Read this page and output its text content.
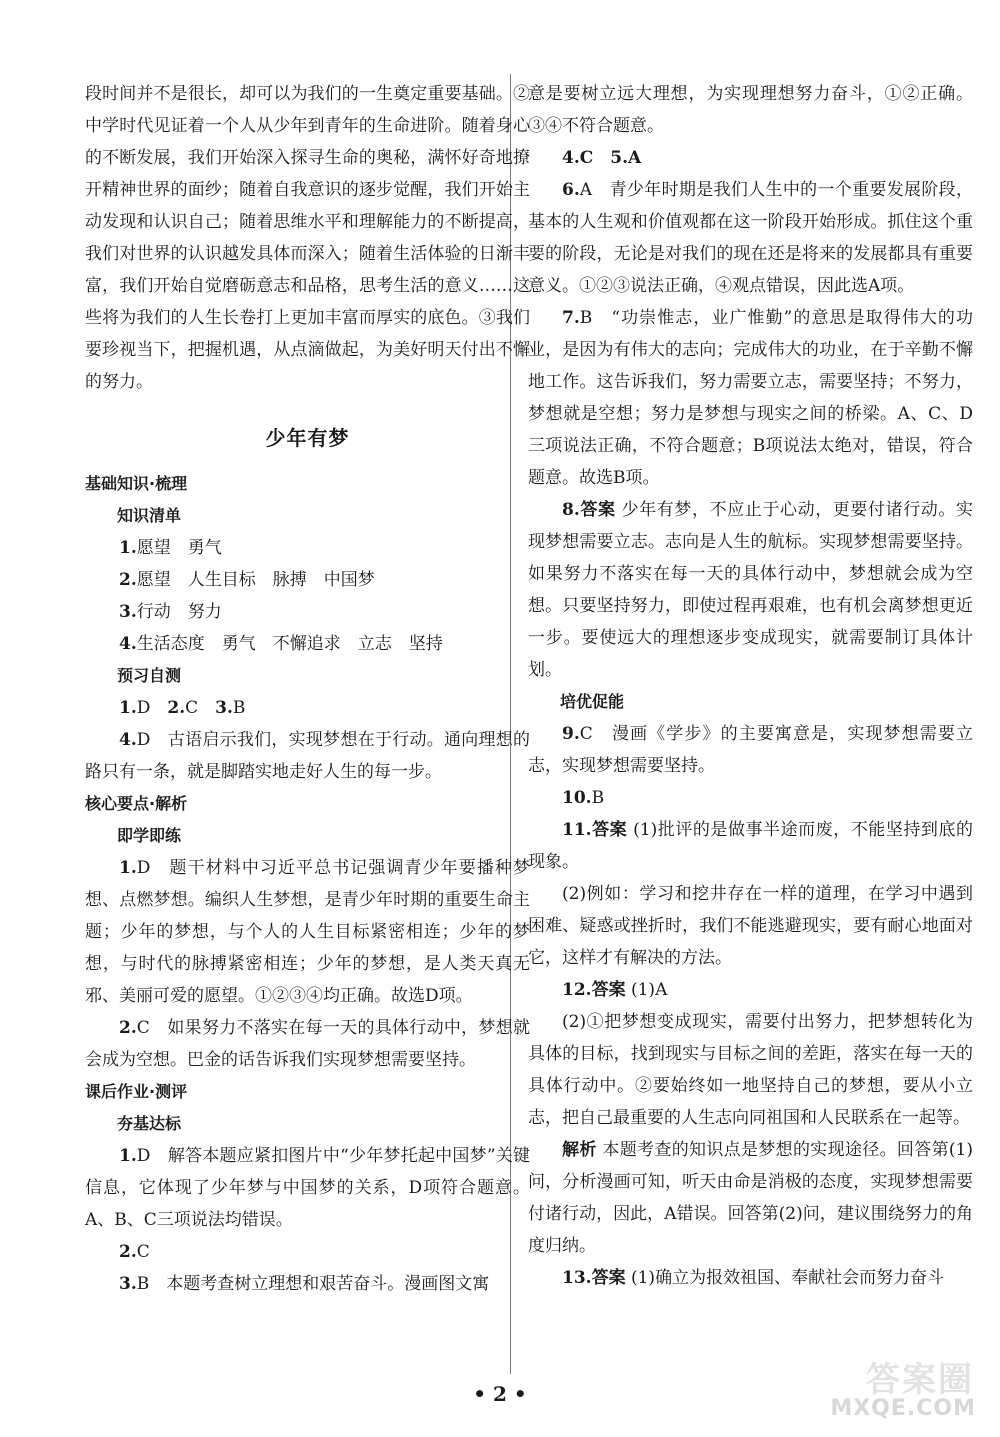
段时间并不是很长，却可以为我们的一生奠定重要基础。②中学时代见证着一个人从少年到青年的生命进阶。随着身心的不断发展，我们开始深入探寻生命的奥秘，满怀好奇地撩开精神世界的面纱；随着自我意识的逐步觉醒，我们开始主动发现和认识自己；随着思维水平和理解能力的不断提高，我们对世界的认识越发具体而深入；随着生活体验的日渐丰富，我们开始自觉磨砺意志和品格，思考生活的意义……这些将为我们的人生长卷打上更加丰富而厚实的底色。③我们要珍视当下，把握机遇，从点滴做起，为美好明天付出不懈的努力。

少年有梦

基础知识·梳理

知识清单

1.愿望　勇气

2.愿望　人生目标　脉搏　中国梦

3.行动　努力

4.生活态度　勇气　不懈追求　立志　坚持

预习自测

1.D　2.C　3.B

4.D　古语启示我们，实现梦想在于行动。通向理想的路只有一条，就是脚踏实地走好人生的每一步。

核心要点·解析

即学即练

1.D　题干材料中习近平总书记强调青少年要播种梦想、点燃梦想。编织人生梦想，是青少年时期的重要生命主题；少年的梦想，与个人的人生目标紧密相连；少年的梦想，与时代的脉搏紧密相连；少年的梦想，是人类天真无邪、美丽可爱的愿望。①②③④均正确。故选D项。

2.C　如果努力不落实在每一天的具体行动中，梦想就会成为空想。巴金的话告诉我们实现梦想需要坚持。

课后作业·测评

夯基达标

1.D　解答本题应紧扣图片中“少年梦托起中国梦”关键信息，它体现了少年梦与中国梦的关系，D项符合题意。A、B、C三项说法均错误。

2.C

3.B　本题考查树立理想和艰苦奋斗。漫画图文寓

意是要树立远大理想，为实现理想努力奋斗，①②正确。③④不符合题意。

4.C　5.A

6.A　青少年时期是我们人生中的一个重要发展阶段，基本的人生观和价值观都在这一阶段开始形成。抓住这个重要的阶段，无论是对我们的现在还是将来的发展都具有重要意义。①②③说法正确，④观点错误，因此选A项。

7.B　“功崇惟志，业广惟勤”的意思是取得伟大的功业，是因为有伟大的志向；完成伟大的功业，在于辛勤不懈地工作。这告诉我们，努力需要立志，需要坚持；不努力，梦想就是空想；努力是梦想与现实之间的桥梁。A、C、D三项说法正确，不符合题意；B项说法太绝对，错误，符合题意。故选B项。

8.答案 少年有梦，不应止于心动，更要付诸行动。实现梦想需要立志。志向是人生的航标。实现梦想需要坚持。如果努力不落实在每一天的具体行动中，梦想就会成为空想。只要坚持努力，即使过程再艰难，也有机会离梦想更近一步。要使远大的理想逐步变成现实，就需要制订具体计划。

培优促能

9.C　漫画《学步》的主要寓意是，实现梦想需要立志，实现梦想需要坚持。

10.B

11.答案 (1)批评的是做事半途而废，不能坚持到底的现象。

(2)例如：学习和挖井存在一样的道理，在学习中遇到困难、疑惑或挫折时，我们不能逃避现实，要有耐心地面对它，这样才有解决的方法。

12.答案 (1)A

(2)①把梦想变成现实，需要付出努力，把梦想转化为具体的目标，找到现实与目标之间的差距，落实在每一天的具体行动中。②要始终如一地坚持自己的梦想，要从小立志，把自己最重要的人生志向同祖国和人民联系在一起等。

解析 本题考查的知识点是梦想的实现途径。回答第(1)问，分析漫画可知，听天由命是消极的态度，实现梦想需要付诸行动，因此，A错误。回答第(2)问，建议围绕努力的角度归纳。

13.答案 (1)确立为报效祖国、奉献社会而努力奋斗

• 2 •	答案圈
MXQE.COM
